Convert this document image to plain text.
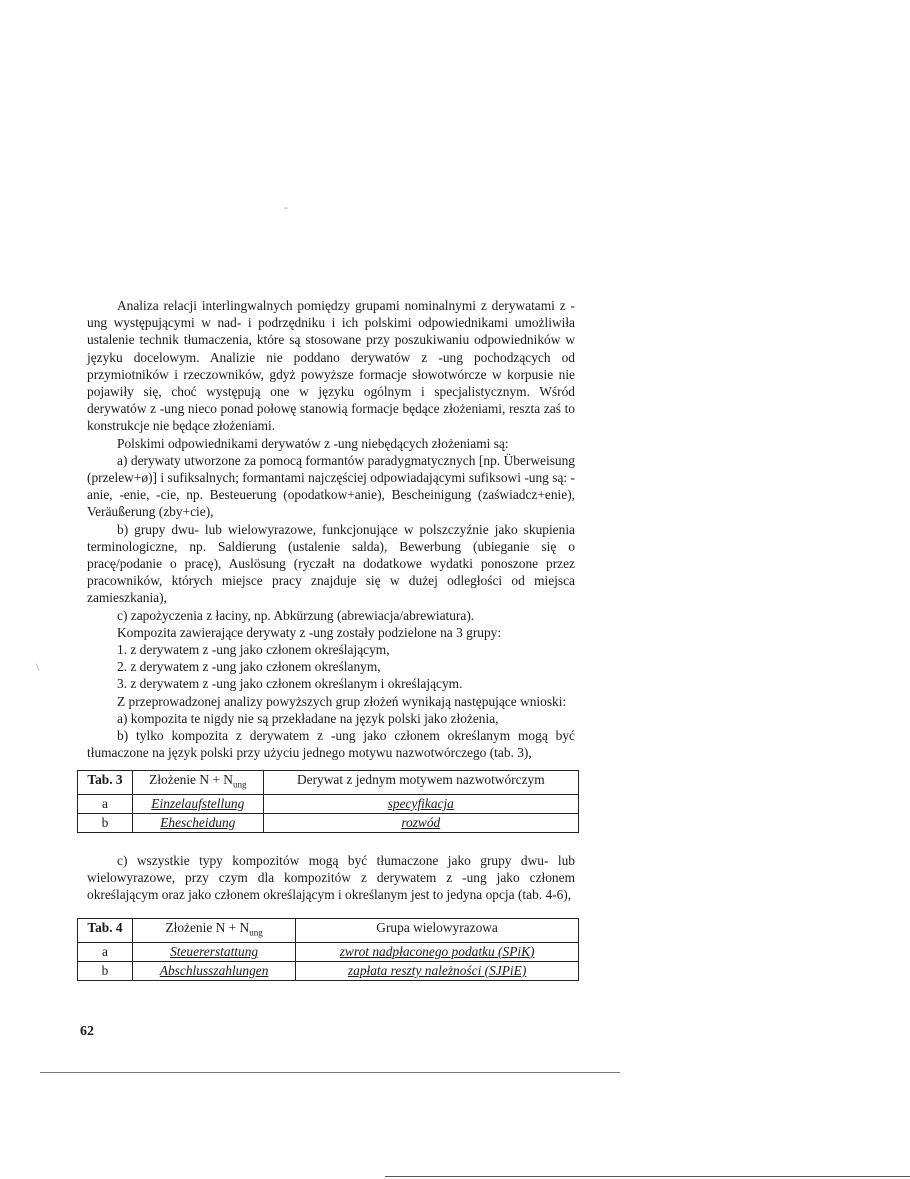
Analiza relacji interlingwalnych pomiędzy grupami nominalnymi z derywatami z -ung występującymi w nad- i podrzędniku i ich polskimi odpowiednikami umożliwiła ustalenie technik tłumaczenia, które są stosowane przy poszukiwaniu odpowiedników w języku docelowym. Analizie nie poddano derywatów z -ung pochodzących od przymiotników i rzeczowników, gdyż powyższe formacje słowotwórcze w korpusie nie pojawiły się, choć występują one w języku ogólnym i specjalistycznym. Wśród derywatów z -ung nieco ponad połowę stanowią formacje będące złożeniami, reszta zaś to konstrukcje nie będące złożeniami.

Polskimi odpowiednikami derywatów z -ung niebędących złożeniami są:

a) derywaty utworzone za pomocą formantów paradygmatycznych [np. Überweisung (przelew+ø)] i sufiksalnych; formantami najczęściej odpowiadającymi sufiksowi -ung są: -anie, -enie, -cie, np. Besteuerung (opodatkow+anie), Bescheinigung (zaświadcz+enie), Veräußerung (zby+cie),

b) grupy dwu- lub wielowyrazowe, funkcjonujące w polszczyźnie jako skupienia terminologiczne, np. Saldierung (ustalenie salda), Bewerbung (ubieganie się o pracę/podanie o pracę), Auslösung (ryczałt na dodatkowe wydatki ponoszone przez pracowników, których miejsce pracy znajduje się w dużej odległości od miejsca zamieszkania),

c) zapożyczenia z łaciny, np. Abkürzung (abrewiacja/abrewiatura).

Kompozita zawierające derywaty z -ung zostały podzielone na 3 grupy:

1. z derywatem z -ung jako członem określającym,

2. z derywatem z -ung jako członem określanym,

3. z derywatem z -ung jako członem określanym i określającym.

Z przeprowadzonej analizy powyższych grup złożeń wynikają następujące wnioski:

a) kompozita te nigdy nie są przekładane na język polski jako złożenia,

b) tylko kompozita z derywatem z -ung jako członem określanym mogą być tłumaczone na język polski przy użyciu jednego motywu nazwotwórczego (tab. 3),

Tab. 3	Złożenie $N + N_{ung}$	Derywat z jednym motywem nazwotwórczym
a	Einzelaufstellung	specyfikacja
b	Ehescheidung	rozwód

c) wszystkie typy kompozitów mogą być tłumaczone jako grupy dwu- lub wielowyrazowe, przy czym dla kompozitów z derywatem z -ung jako członem określającym oraz jako członem określającym i określanym jest to jedyna opcja (tab. 4-6),

Tab. 4	Złożenie $N + N_{ung}$	Grupa wielowyrazowa
a	Steuererstattung	zwrot nadpłaconego podatku (SPiK)
b	Abschlusszahlungen	zapłata reszty należności (SJPiE)
62
\
-
